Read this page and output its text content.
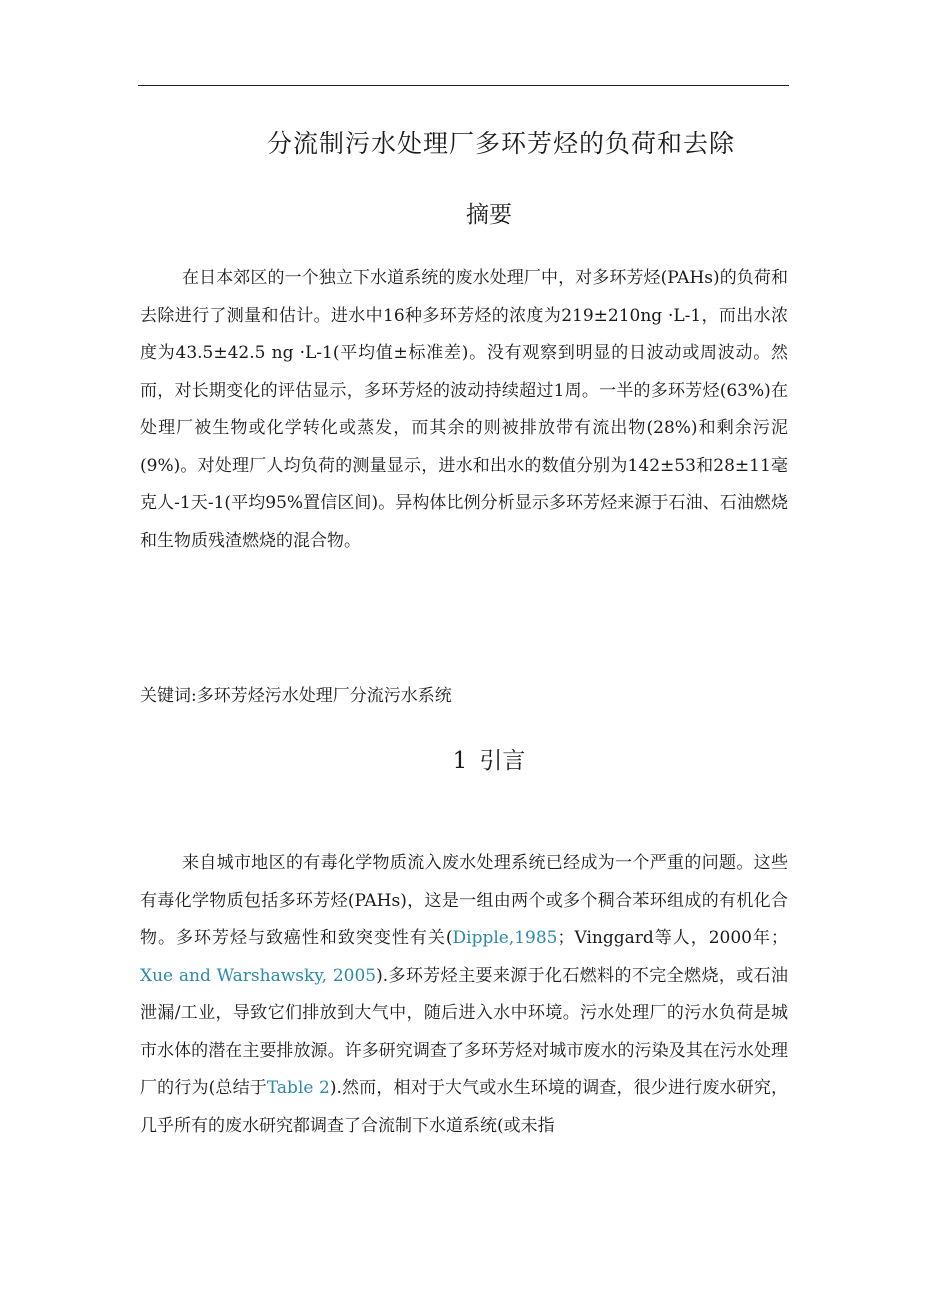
分流制污水处理厂多环芳烃的负荷和去除
摘要

在日本郊区的一个独立下水道系统的废水处理厂中，对多环芳烃(PAHs)的负荷和去除进行了测量和估计。进水中16种多环芳烃的浓度为219±210ng ·L-1，而出水浓度为43.5±42.5 ng ·L-1(平均值±标准差)。没有观察到明显的日波动或周波动。然而，对长期变化的评估显示，多环芳烃的波动持续超过1周。一半的多环芳烃(63%)在处理厂被生物或化学转化或蒸发，而其余的则被排放带有流出物(28%)和剩余污泥(9%)。对处理厂人均负荷的测量显示，进水和出水的数值分别为142±53和28±11毫克人-1天-1(平均95%置信区间)。异构体比例分析显示多环芳烃来源于石油、石油燃烧和生物质残渣燃烧的混合物。

关键词:多环芳烃污水处理厂分流污水系统

1 引言

来自城市地区的有毒化学物质流入废水处理系统已经成为一个严重的问题。这些有毒化学物质包括多环芳烃(PAHs)，这是一组由两个或多个稠合苯环组成的有机化合物。多环芳烃与致癌性和致突变性有关(Dipple,1985；Vinggard等人，2000年；Xue and Warshawsky, 2005).多环芳烃主要来源于化石燃料的不完全燃烧，或石油泄漏/工业，导致它们排放到大气中，随后进入水中环境。污水处理厂的污水负荷是城市水体的潜在主要排放源。许多研究调查了多环芳烃对城市废水的污染及其在污水处理厂的行为(总结于Table 2).然而，相对于大气或水生环境的调查，很少进行废水研究，几乎所有的废水研究都调查了合流制下水道系统(或未指
